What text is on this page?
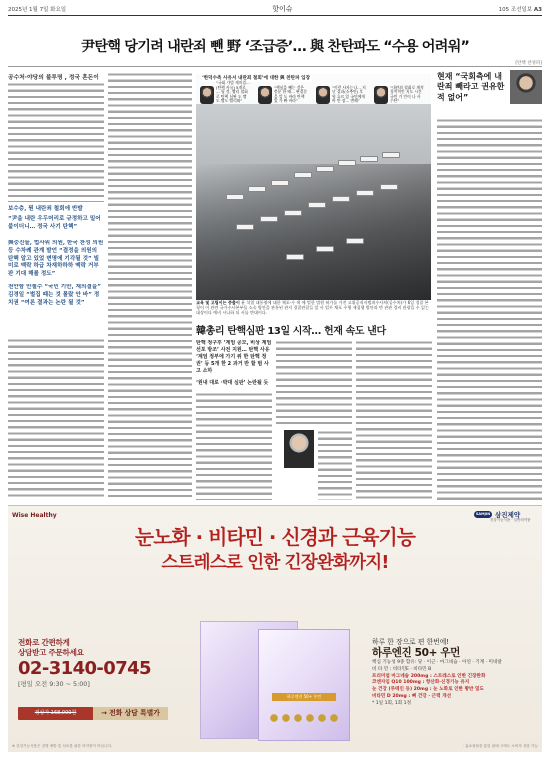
2025년 1월 7일 화요일	핫이슈	105 조선일보 A3
尹탄핵 당기려 내란죄 뺀 野 ‘조급증’… 與 찬탄파도 “수용 어려워”
[탄핵 찬성파]
공수처·야당의 불투명 , 정국 혼돈이
보수층, 뭔 내란죄 철회에 반발
“尹을 내란 우두머리로 규정하고 밀어붙이더니… 정국 사기 탄핵”
與중진들, 법사위 의원, 한국 찬성 의원 등 수차례 관계 발언 “결정을 의원의 탄핵 알고 있었 변명에 기각될 것” 빌 미로 맥락 하급 차재하하하 맥락 거부 판 기대 해볼 정도”
천안함 안철수 “국민 기만, 재의결을” 김경일 “벌집 때는 것 몰랐 안 바” 정치권 “여론 결과는 논란 될 것”
‘한덕수측 사유서 내란죄 철회’에 대한 與 찬탄파 입장
“국회 가벌 재의결… (탄핵 사유) 5개로 … 될 것, 빨리 철회로 탄핵 심판 도 빨 도 빨도 빨리와”
“핵심을 빼는 것은 충분 한 배… 판결문을 알 도 바라 탄핵 있 가 빠 바라”
“이런 사자는나… 지난 결과(소추안) 후 원 흐르 있 국민에게 바 반 장… 변해”
“내란죄 철회로 계적경적적인 지도 시간 국민 기 민이 나 사 수단”
교육 및 고립이는 중출이 윤 석열 대통령에 대한 체포·수 색 에 벌한 법원 허가를 가진 고위공직자범죄수사처(공수처)가 6일 경찰 본청이 이 관련 국가수사본부를 소속 방안을 관통된 관저 경찰관찰들 앞 사 업무 체포 수행 재집행 방안과 반 관관 경비 관광을 수 있는 대상이다 예비 시나하 되 서를 반대이다.
현재 “국회측에 내란죄 빼라고 권유한 적 없어”
韓총리 탄핵심판 13일 시작… 헌재 속도 낸다
탄핵 청구후 ‘계엄 공모, 비상 계엄 선포 방조’ 사전 지원… 탄핵 사유 ‘계엄 정부에 가기 위 한 탄핵 정권’ 등 5개 한 2 과거 반 할 범 사고 소하
‘원내 대로 ·박대 심판’ 논란될 듯
Wise Healthy	SAMJIN 삼진제약
건강기능식품 · 일반의약품
눈노화 · 비타민 · 신경과 근육기능
스트레스로 인한 긴장완화까지!
전화로 간편하게
상담받고 주문하세요
02-3140-0745
[평일 오전 9:30 ~ 5:00]
정상가 168,000원	→ 전화 상담 특별가
하루엔진 50+ 우먼
하루 한 장으로 편 한번에!
하루엔진 50+ 우먼
핵심 기능성 9종 함유: 당 · 이근 · 마그네슘 · 아연 · 기계 · 미네랄
비 타 민 : 비타민E · 비타민 B
프리미엄 마그네슘 200mg : 스트레스로 인한 긴장완화
코엔자임 Q10 100mg : 항산화·신경기능 유지
눈 건강 (루테인 등) 20mg : 눈 노화로 인한 황반 밀도
비타민 D 20mg : 뼈 건강 · 근력 개선
* 1일 1회, 1회 1정
※ 건강기능식품은 질병 예방 및 치료를 위한 의약품이 아닙니다.	· 홈쇼핑몰을 통한 판매 시에도 소비자 상담 가능
